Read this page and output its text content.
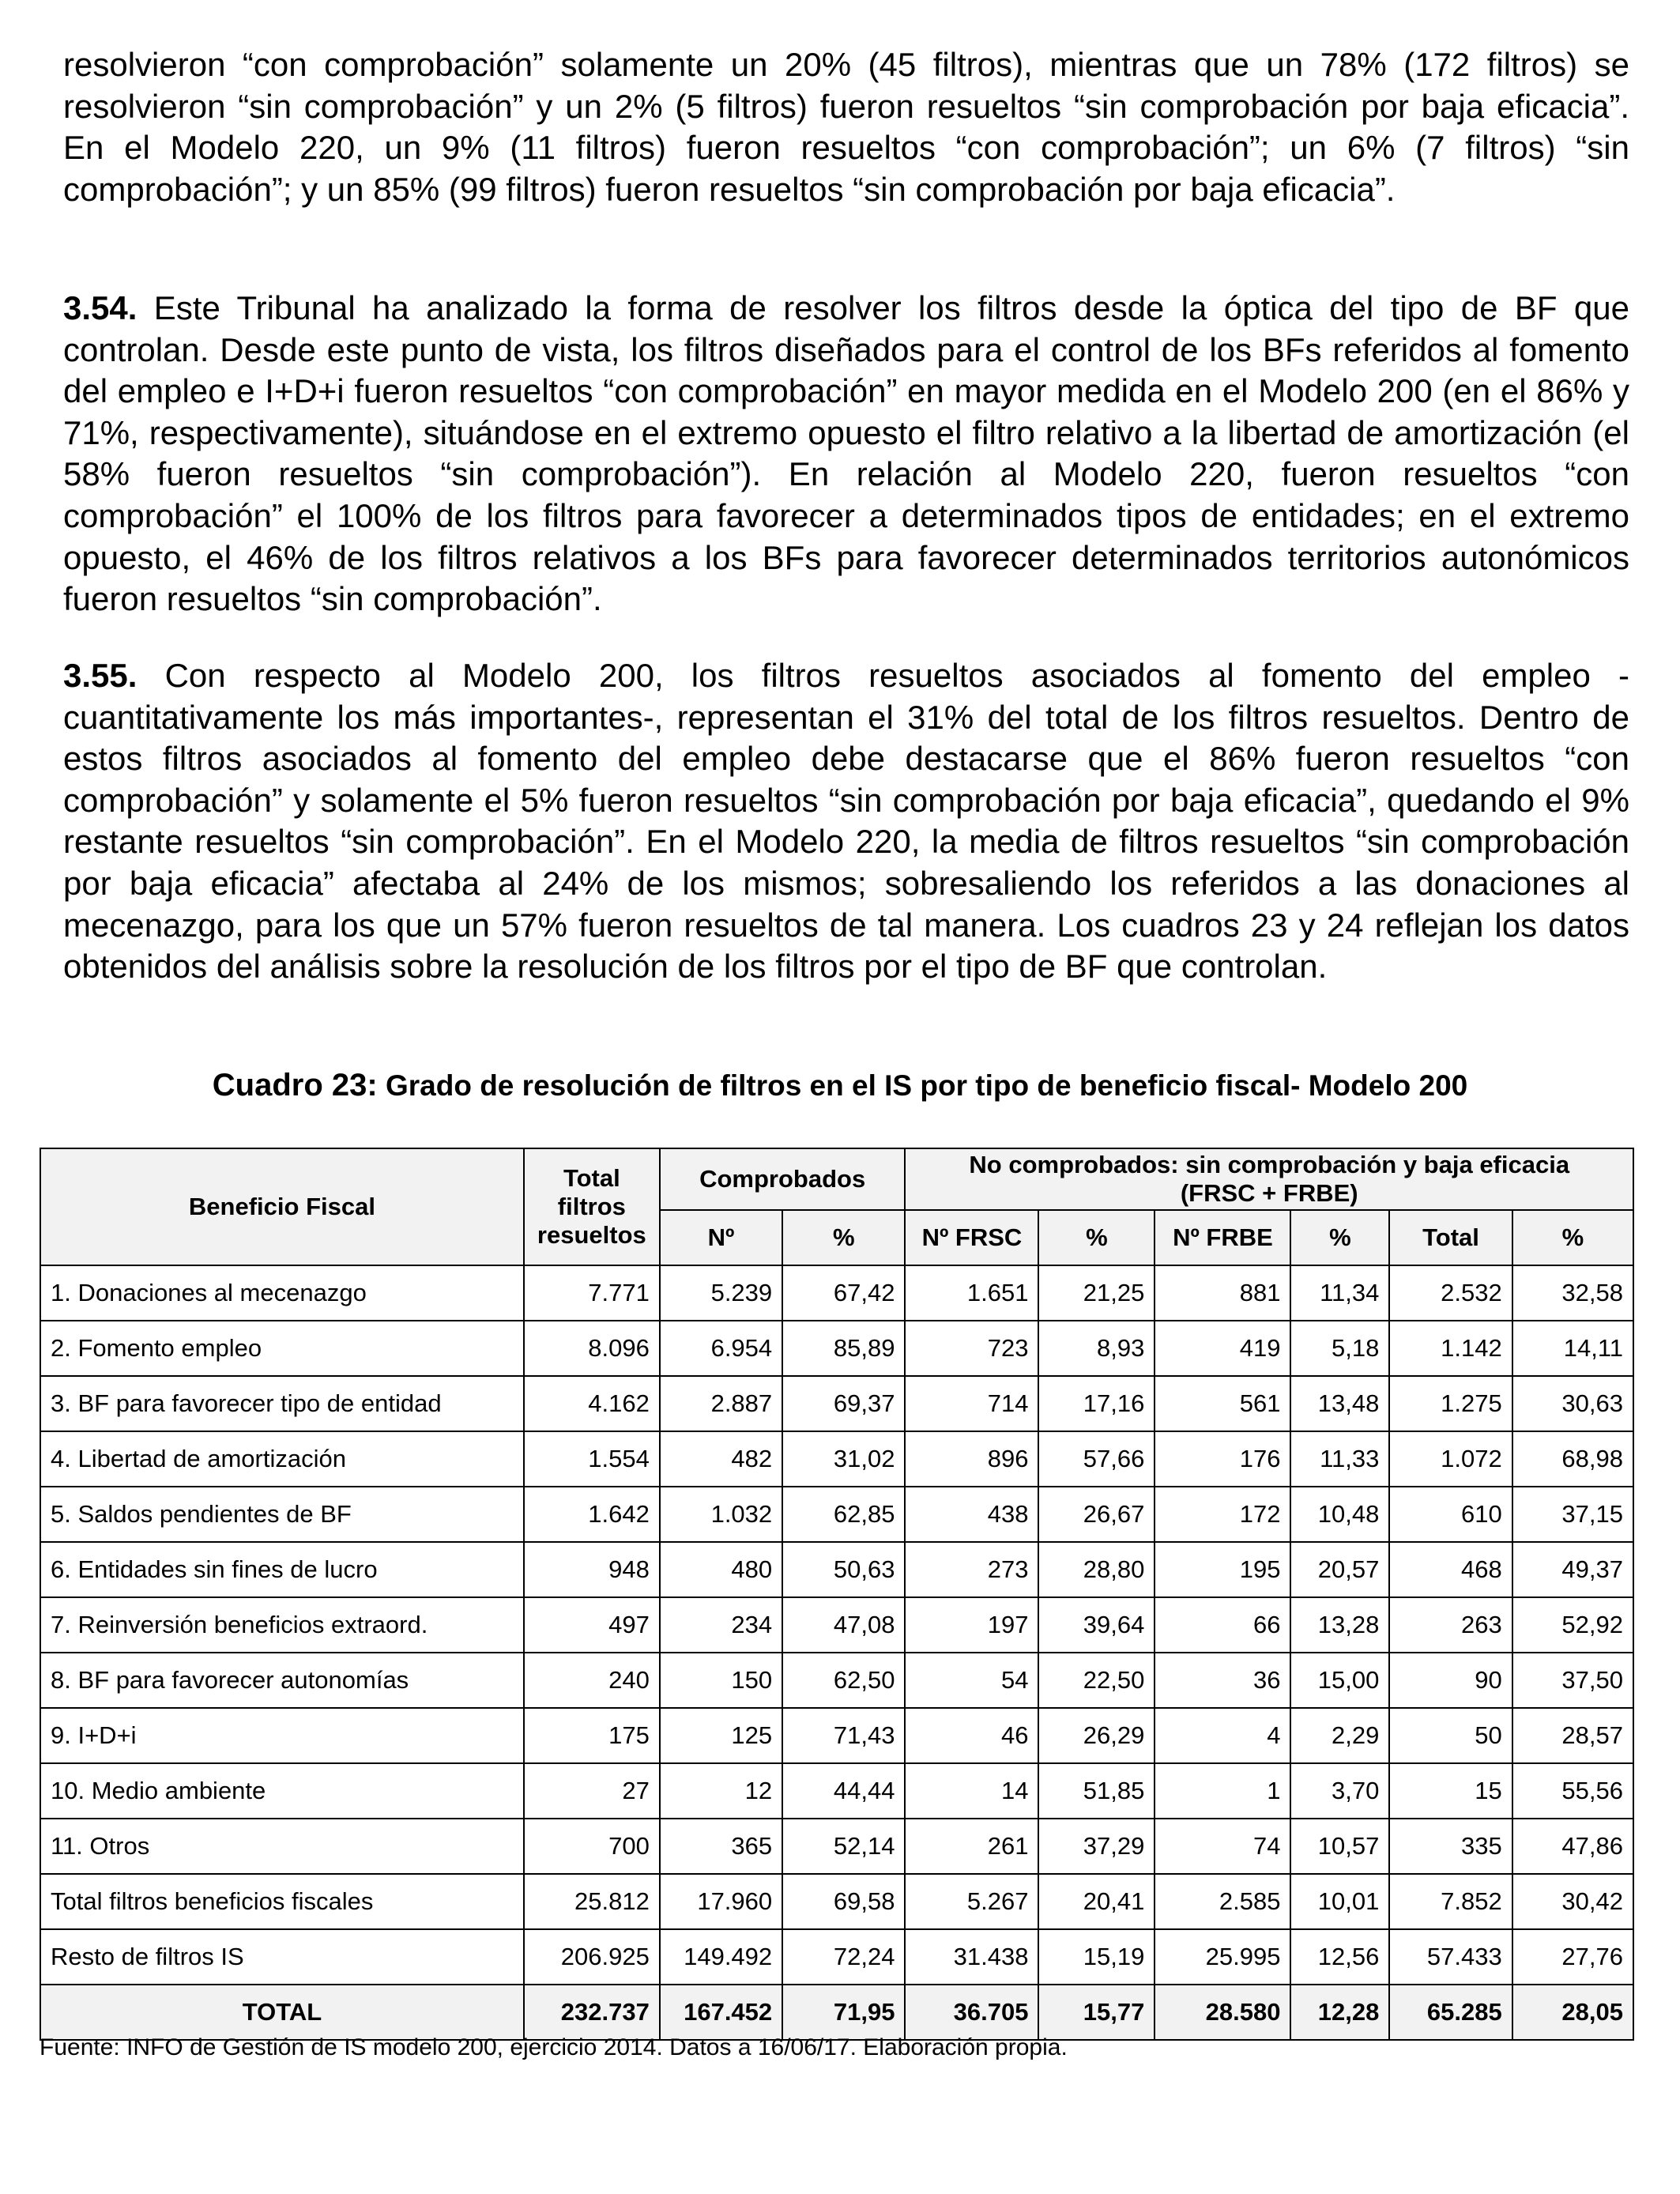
resolvieron “con comprobación” solamente un 20% (45 filtros), mientras que un 78% (172 filtros) se resolvieron “sin comprobación” y un 2% (5 filtros) fueron resueltos “sin comprobación por baja eficacia”. En el Modelo 220, un 9% (11 filtros) fueron resueltos “con comprobación”; un 6% (7 filtros) “sin comprobación”; y un 85% (99 filtros) fueron resueltos “sin comprobación por baja eficacia”.

3.54. Este Tribunal ha analizado la forma de resolver los filtros desde la óptica del tipo de BF que controlan. Desde este punto de vista, los filtros diseñados para el control de los BFs referidos al fomento del empleo e I+D+i fueron resueltos “con comprobación” en mayor medida en el Modelo 200 (en el 86% y 71%, respectivamente), situándose en el extremo opuesto el filtro relativo a la libertad de amortización (el 58% fueron resueltos “sin comprobación”). En relación al Modelo 220, fueron resueltos “con comprobación” el 100% de los filtros para favorecer a determinados tipos de entidades; en el extremo opuesto, el 46% de los filtros relativos a los BFs para favorecer determinados territorios autonómicos fueron resueltos “sin comprobación”.

3.55. Con respecto al Modelo 200, los filtros resueltos asociados al fomento del empleo -cuantitativamente los más importantes-, representan el 31% del total de los filtros resueltos. Dentro de estos filtros asociados al fomento del empleo debe destacarse que el 86% fueron resueltos “con comprobación” y solamente el 5% fueron resueltos “sin comprobación por baja eficacia”, quedando el 9% restante resueltos “sin comprobación”. En el Modelo 220, la media de filtros resueltos “sin comprobación por baja eficacia” afectaba al 24% de los mismos; sobresaliendo los referidos a las donaciones al mecenazgo, para los que un 57% fueron resueltos de tal manera. Los cuadros 23 y 24 reflejan los datos obtenidos del análisis sobre la resolución de los filtros por el tipo de BF que controlan.

Cuadro 23: Grado de resolución de filtros en el IS por tipo de beneficio fiscal- Modelo 200
Beneficio Fiscal	Total
filtros
resueltos	Comprobados		No comprobados: sin comprobación y baja eficacia
(FRSC + FRBE)					
		Nº	%	Nº FRSC	%	Nº FRBE	%	Total	%
1. Donaciones al mecenazgo	7.771	5.239	67,42	1.651	21,25	881	11,34	2.532	32,58
2. Fomento empleo	8.096	6.954	85,89	723	8,93	419	5,18	1.142	14,11
3. BF para favorecer tipo de entidad	4.162	2.887	69,37	714	17,16	561	13,48	1.275	30,63
4. Libertad de amortización	1.554	482	31,02	896	57,66	176	11,33	1.072	68,98
5. Saldos pendientes de BF	1.642	1.032	62,85	438	26,67	172	10,48	610	37,15
6. Entidades sin fines de lucro	948	480	50,63	273	28,80	195	20,57	468	49,37
7. Reinversión beneficios extraord.	497	234	47,08	197	39,64	66	13,28	263	52,92
8. BF para favorecer autonomías	240	150	62,50	54	22,50	36	15,00	90	37,50
9. I+D+i	175	125	71,43	46	26,29	4	2,29	50	28,57
10. Medio ambiente	27	12	44,44	14	51,85	1	3,70	15	55,56
11. Otros	700	365	52,14	261	37,29	74	10,57	335	47,86
Total filtros beneficios fiscales	25.812	17.960	69,58	5.267	20,41	2.585	10,01	7.852	30,42
Resto de filtros IS	206.925	149.492	72,24	31.438	15,19	25.995	12,56	57.433	27,76
TOTAL	232.737	167.452	71,95	36.705	15,77	28.580	12,28	65.285	28,05
Fuente: INFO de Gestión de IS modelo 200, ejercicio 2014. Datos a 16/06/17. Elaboración propia.
